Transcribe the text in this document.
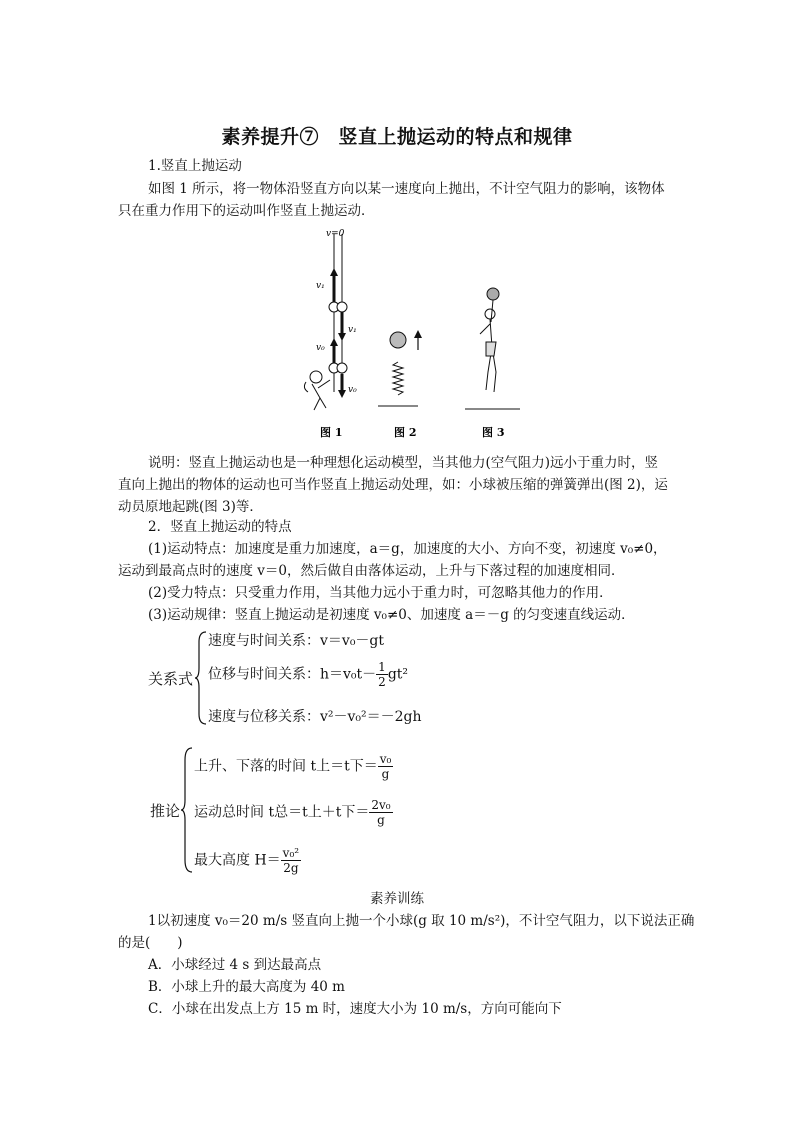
素养提升⑦　竖直上抛运动的特点和规律
1.竖直上抛运动
如图 1 所示，将一物体沿竖直方向以某一速度向上抛出，不计空气阻力的影响，该物体
只在重力作用下的运动叫作竖直上抛运动．
v=0
v₁
v₁
v₀
v₀
图 1	图 2	图 3
说明：竖直上抛运动也是一种理想化运动模型，当其他力(空气阻力)远小于重力时，竖
直向上抛出的物体的运动也可当作竖直上抛运动处理，如：小球被压缩的弹簧弹出(图 2)，运
动员原地起跳(图 3)等．
2．竖直上抛运动的特点
(1)运动特点：加速度是重力加速度，a＝g，加速度的大小、方向不变，初速度 v₀≠0，
运动到最高点时的速度 v＝0，然后做自由落体运动，上升与下落过程的加速度相同．
(2)受力特点：只受重力作用，当其他力远小于重力时，可忽略其他力的作用．
(3)运动规律：竖直上抛运动是初速度 v₀≠0、加速度 a＝－g 的匀变速直线运动．
关系式
速度与时间关系：v＝v₀－gt
位移与时间关系：$h=v_0t- \frac{1}{2} gt^2$
速度与位移关系：v²－v₀²＝－2gh
推论
上升、下落的时间 t上＝t下＝ $\frac{\text{v₀}}{g}$
运动总时间 t总＝t上＋t下＝ $\frac{\text{2v₀}}{g}$
最大高度 $H= \frac{\text{v₀²}}{2g}$
素养训练
1以初速度 v₀＝20 m/s 竖直向上抛一个小球(g 取 10 m/s²)，不计空气阻力，以下说法正确
的是(　　)
A．小球经过 4 s 到达最高点
B．小球上升的最大高度为 40 m
C．小球在出发点上方 15 m 时，速度大小为 10 m/s，方向可能向下
